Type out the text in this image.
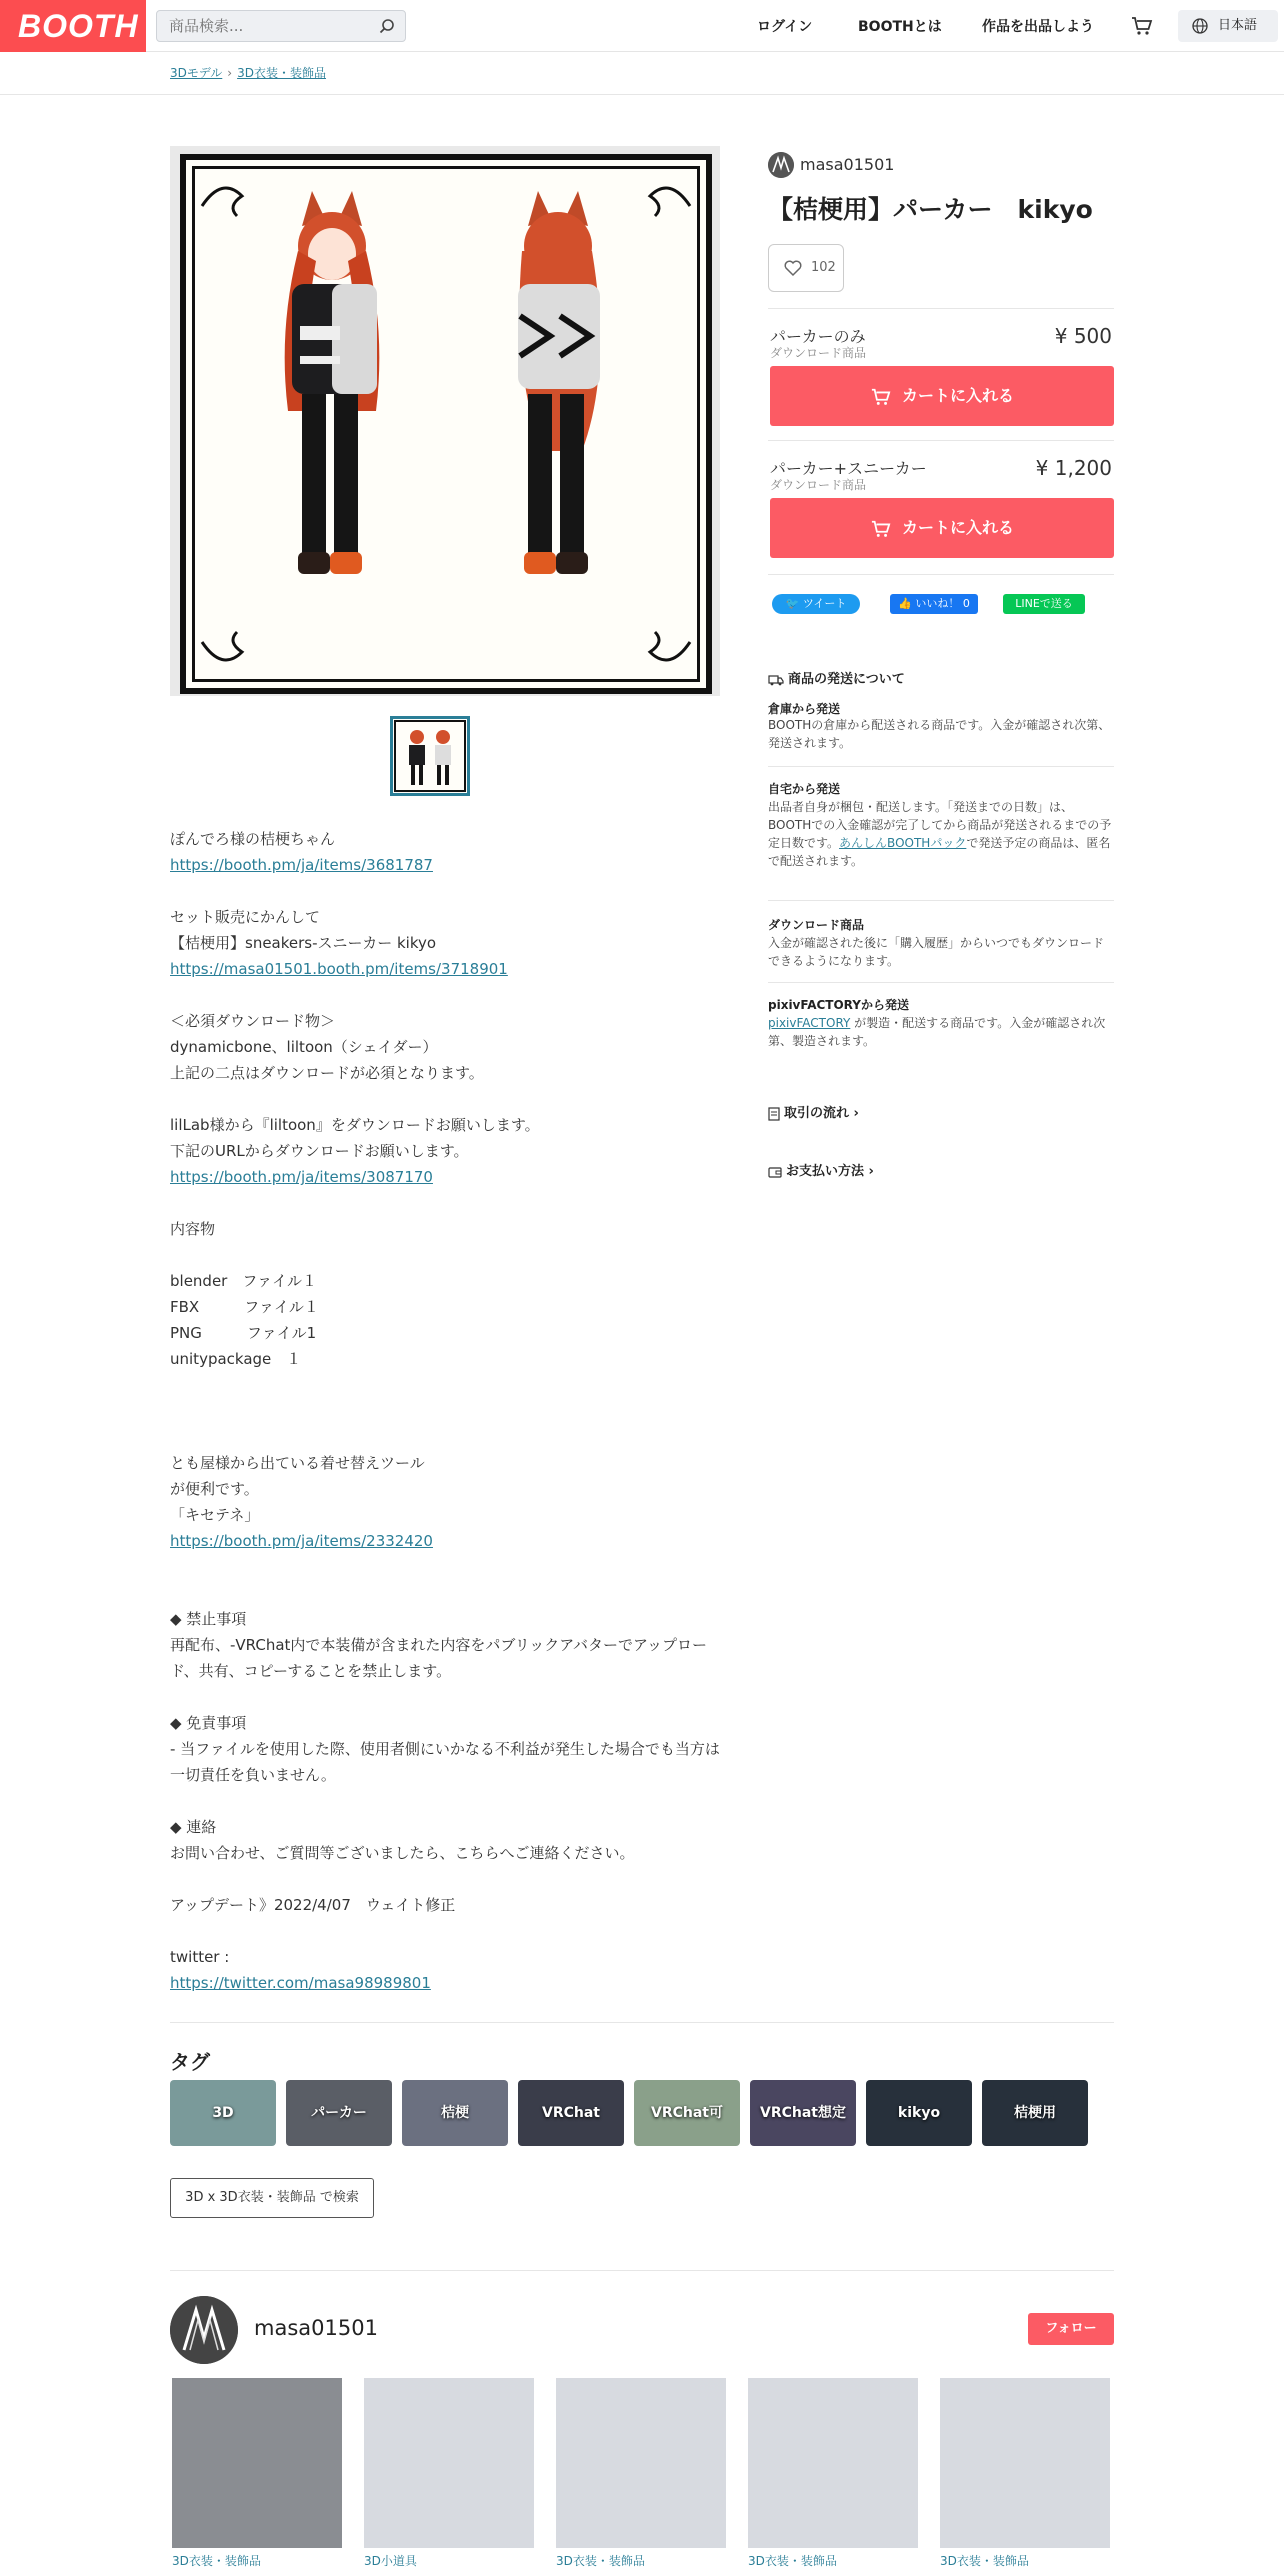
BOOTH
商品検索...	ログイン	BOOTHとは	作品を出品しよう	日本語
3Dモデル › 3D衣装・装飾品

ぽんでろ様の桔梗ちゃん

https://booth.pm/ja/items/3681787

セット販売にかんして

【桔梗用】sneakers-スニーカー kikyo

https://masa01501.booth.pm/items/3718901

＜必須ダウンロード物＞

dynamicbone、liltoon（シェイダー）

上記の二点はダウンロードが必須となります。

lilLab様から『liltoon』をダウンロードお願いします。

下記のURLからダウンロードお願いします。

https://booth.pm/ja/items/3087170

内容物

blender　ファイル１

FBX　　　ファイル１

PNG　　　ファイル1

unitypackage　１

とも屋様から出ている着せ替えツール

が便利です。

「キセテネ」

https://booth.pm/ja/items/2332420

◆ 禁止事項

再配布、-VRChat内で本装備が含まれた内容をパブリックアバターでアップロード、共有、コピーすることを禁止します。

◆ 免責事項

- 当ファイルを使用した際、使用者側にいかなる不利益が発生した場合でも当方は一切責任を負いません。

◆ 連絡

お問い合わせ、ご質問等ございましたら、こちらへご連絡ください。

アップデート》2022/4/07　ウェイト修正

twitter :

https://twitter.com/masa98989801

masa01501
【桔梗用】パーカー　kikyo
102
パーカーのみ
ダウンロード商品
¥ 500
カートに入れる
パーカー+スニーカー
ダウンロード商品
¥ 1,200
カートに入れる
🐦 ツイート	👍 いいね！ 0	LINEで送る
商品の発送について
倉庫から発送
BOOTHの倉庫から配送される商品です。入金が確認され次第、発送されます。
自宅から発送
出品者自身が梱包・配送します。「発送までの日数」は、BOOTHでの入金確認が完了してから商品が発送されるまでの予定日数です。あんしんBOOTHパックで発送予定の商品は、匿名で配送されます。
ダウンロード商品
入金が確認された後に「購入履歴」からいつでもダウンロードできるようになります。
pixivFACTORYから発送
pixivFACTORY が製造・配送する商品です。入金が確認され次第、製造されます。
取引の流れ ›
お支払い方法 ›
タグ
3D	パーカー	桔梗	VRChat	VRChat可	VRChat想定	kikyo	桔梗用
3D x 3D衣装・装飾品 で検索
masa01501	フォロー
3D衣装・装飾品	3D小道具	3D衣装・装飾品	3D衣装・装飾品	3D衣装・装飾品
